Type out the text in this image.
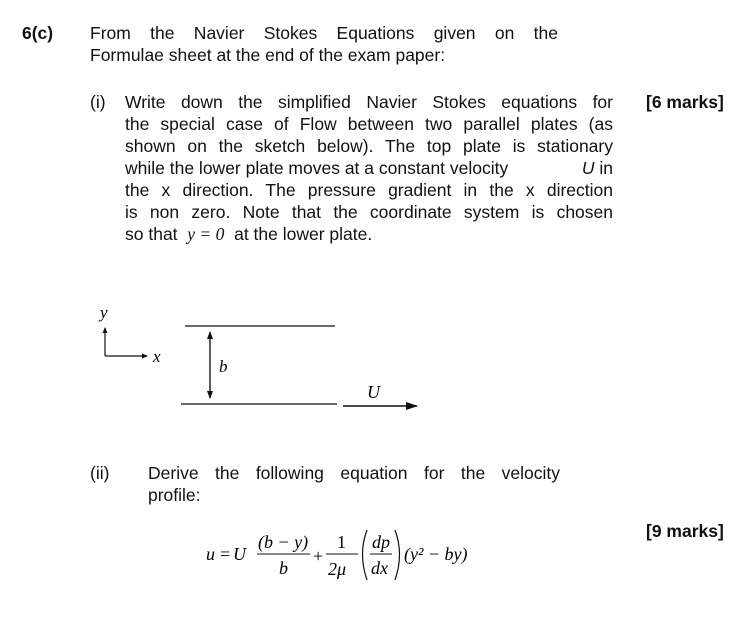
6(c) From the Navier Stokes Equations given on the
Formulae sheet at the end of the exam paper:
(i)	[6 marks]
Write down the simplified Navier Stokes equations for
the special case of Flow between two parallel plates (as
shown on the sketch below). The top plate is stationary
while the lower plate moves at a constant velocity	U in
the x direction. The pressure gradient in the x direction
is non zero. Note that the coordinate system is chosen
so that y = 0 at the lower plate.
y
x
b
U
(ii) Derive the following equation for the velocity
profile:
[9 marks]
u = U
(b − y)
b
+
1
2μ
dp
dx
(y² − by)
